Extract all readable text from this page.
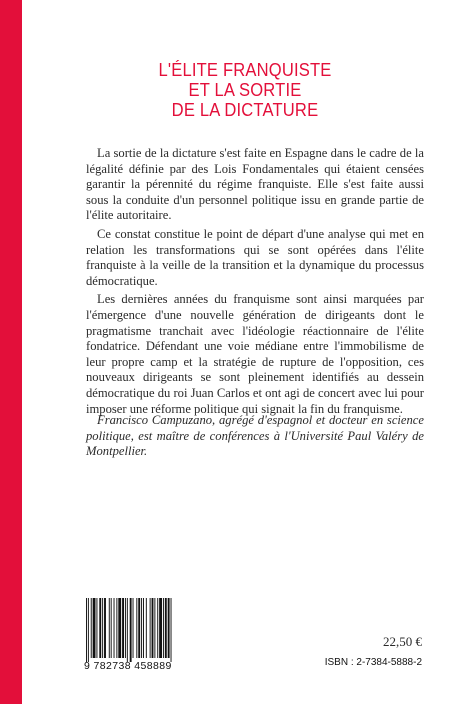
L'ÉLITE FRANQUISTE
ET LA SORTIE
DE LA DICTATURE

La sortie de la dictature s'est faite en Espagne dans le cadre de la légalité définie par des Lois Fondamentales qui étaient censées garantir la pérennité du régime franquiste. Elle s'est faite aussi sous la conduite d'un personnel politique issu en grande partie de l'élite autoritaire.

Ce constat constitue le point de départ d'une analyse qui met en relation les transformations qui se sont opérées dans l'élite franquiste à la veille de la transition et la dynamique du processus démocratique.

Les dernières années du franquisme sont ainsi marquées par l'émergence d'une nouvelle génération de dirigeants dont le pragmatisme tranchait avec l'idéologie réactionnaire de l'élite fondatrice. Défendant une voie médiane entre l'immobilisme de leur propre camp et la stratégie de rupture de l'opposition, ces nouveaux dirigeants se sont pleinement identifiés au dessein démocratique du roi Juan Carlos et ont agi de concert avec lui pour imposer une réforme politique qui signait la fin du franquisme.

Francisco Campuzano, agrégé d'espagnol et docteur en science politique, est maître de conférences à l'Université Paul Valéry de Montpellier.

9 782738 458889
22,50 €
ISBN : 2-7384-5888-2
